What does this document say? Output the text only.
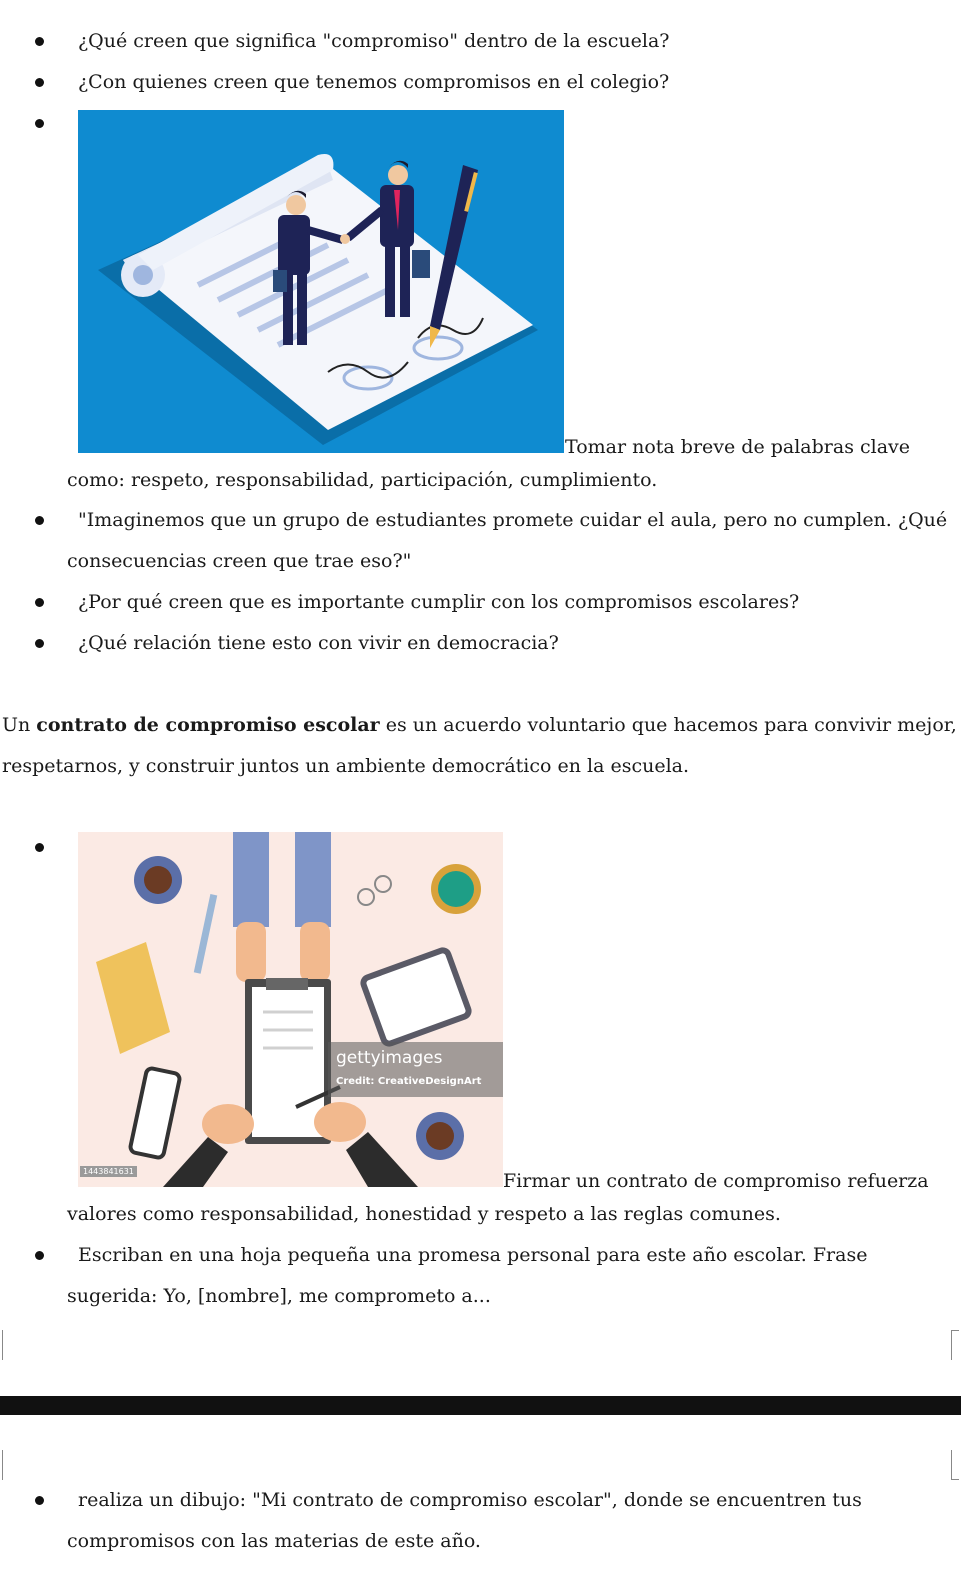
¿Qué creen que significa "compromiso" dentro de la escuela?
¿Con quienes creen que tenemos compromisos en el colegio?
Tomar nota breve de palabras clave
como: respeto, responsabilidad, participación, cumplimiento.
"Imaginemos que un grupo de estudiantes promete cuidar el aula, pero no cumplen. ¿Qué
consecuencias creen que trae eso?"
¿Por qué creen que es importante cumplir con los compromisos escolares?
¿Qué relación tiene esto con vivir en democracia?
Un contrato de compromiso escolar es un acuerdo voluntario que hacemos para convivir mejor,
respetarnos, y construir juntos un ambiente democrático en la escuela.
gettyimages
Credit: CreativeDesignArt
1443841631	Firmar un contrato de compromiso refuerza
valores como responsabilidad, honestidad y respeto a las reglas comunes.
Escriban en una hoja pequeña una promesa personal para este año escolar. Frase
sugerida: Yo, [nombre], me comprometo a...
realiza un dibujo: "Mi contrato de compromiso escolar", donde se encuentren tus
compromisos con las materias de este año.
